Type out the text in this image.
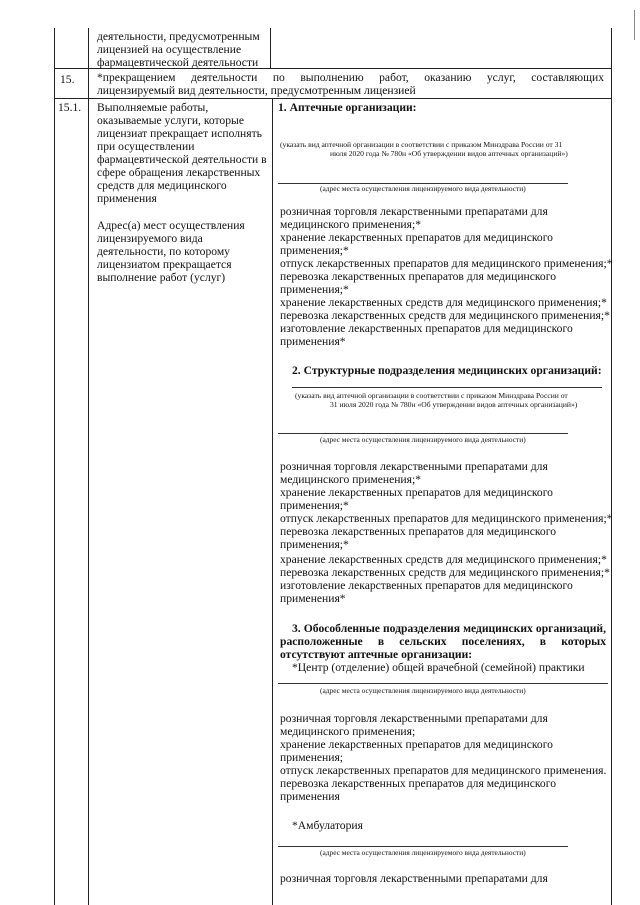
деятельности, предусмотренным
лицензией на осуществление
фармацевтической деятельности
15. *прекращением деятельности по выполнению работ, оказанию услуг, составляющих
лицензируемый вид деятельности, предусмотренным лицензией
15.1. Выполняемые работы,
оказываемые услуги, которые
лицензиат прекращает исполнять
при осуществлении
фармацевтической деятельности в
сфере обращения лекарственных
средств для медицинского
применения
Адрес(а) мест осуществления
лицензируемого вида
деятельности, по которому
лицензиатом прекращается
выполнение работ (услуг)
1. Аптечные организации:
(указать вид аптечной организации в соответствии с приказом Минздрава России от 31
июля 2020 года № 780н «Об утверждении видов аптечных организаций»)
(адрес места осуществления лицензируемого вида деятельности)
розничная торговля лекарственными препаратами для
медицинского применения;*
хранение лекарственных препаратов для медицинского
применения;*
отпуск лекарственных препаратов для медицинского применения;*
перевозка лекарственных препаратов для медицинского
применения;*
хранение лекарственных средств для медицинского применения;*
перевозка лекарственных средств для медицинского применения;*
изготовление лекарственных препаратов для медицинского
применения*
2. Структурные подразделения медицинских организаций:
(указать вид аптечной организации в соответствии с приказом Минздрава России от
31 июля 2020 года № 780н «Об утверждении видов аптечных организаций»)
(адрес места осуществления лицензируемого вида деятельности)
розничная торговля лекарственными препаратами для
медицинского применения;*
хранение лекарственных препаратов для медицинского
применения;*
отпуск лекарственных препаратов для медицинского применения;*
перевозка лекарственных препаратов для медицинского
применения;*
хранение лекарственных средств для медицинского применения;*
перевозка лекарственных средств для медицинского применения;*
изготовление лекарственных препаратов для медицинского
применения*
3. Обособленные подразделения медицинских организаций,
расположенные в сельских поселениях, в которых
отсутствуют аптечные организации:
*Центр (отделение) общей врачебной (семейной) практики
(адрес места осуществления лицензируемого вида деятельности)
розничная торговля лекарственными препаратами для
медицинского применения;
хранение лекарственных препаратов для медицинского
применения;
отпуск лекарственных препаратов для медицинского применения.
перевозка лекарственных препаратов для медицинского
применения
*Амбулатория
(адрес места осуществления лицензируемого вида деятельности)
розничная торговля лекарственными препаратами для
